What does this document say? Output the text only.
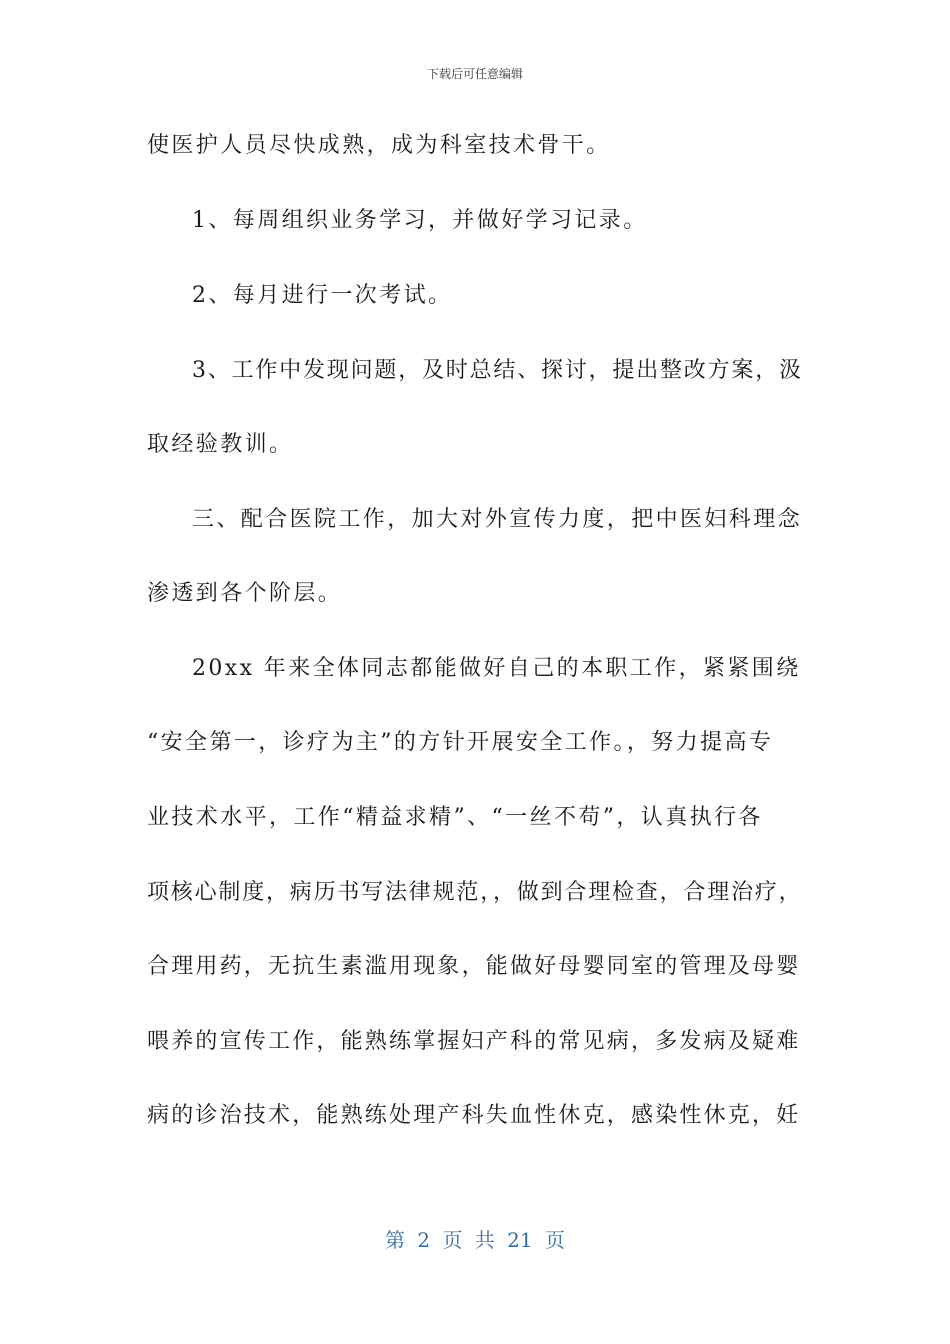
下载后可任意编辑
使医护人员尽快成熟，成为科室技术骨干。
1、每周组织业务学习，并做好学习记录。
2、每月进行一次考试。
3、工作中发现问题，及时总结、探讨，提出整改方案，汲
取经验教训。
三、配合医院工作，加大对外宣传力度，把中医妇科理念
渗透到各个阶层。
20xx 年来全体同志都能做好自己的本职工作，紧紧围绕
“安全第一，诊疗为主”的方针开展安全工作。，努力提高专
业技术水平，工作“精益求精”、“一丝不苟”，认真执行各
项核心制度，病历书写法律规范，，做到合理检查，合理治疗，
合理用药，无抗生素滥用现象，能做好母婴同室的管理及母婴
喂养的宣传工作，能熟练掌握妇产科的常见病，多发病及疑难
病的诊治技术，能熟练处理产科失血性休克，感染性休克，妊
第 2 页 共 21 页
